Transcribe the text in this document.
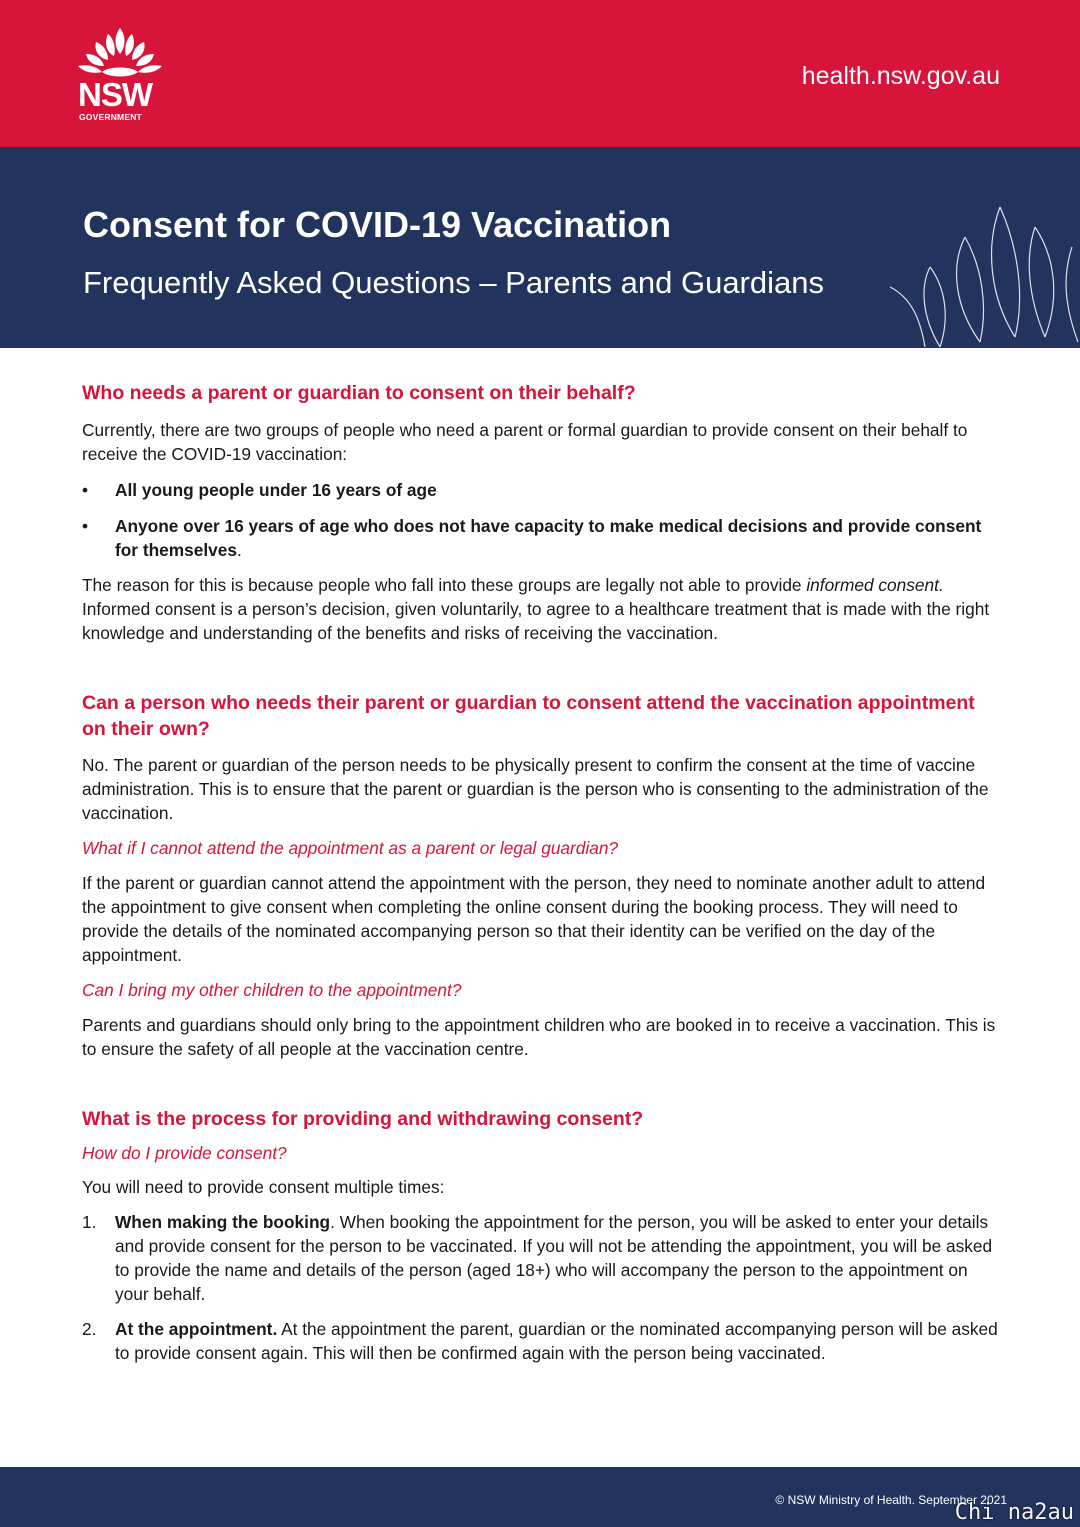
NSW
GOVERNMENT
health.nsw.gov.au
Consent for COVID-19 Vaccination
Frequently Asked Questions – Parents and Guardians
Who needs a parent or guardian to consent on their behalf?

Currently, there are two groups of people who need a parent or formal guardian to provide consent on their behalf to receive the COVID-19 vaccination:

• All young people under 16 years of age
• Anyone over 16 years of age who does not have capacity to make medical decisions and provide consent for themselves.

The reason for this is because people who fall into these groups are legally not able to provide informed consent. Informed consent is a person’s decision, given voluntarily, to agree to a healthcare treatment that is made with the right knowledge and understanding of the benefits and risks of receiving the vaccination.

Can a person who needs their parent or guardian to consent attend the vaccination appointment on their own?

No. The parent or guardian of the person needs to be physically present to confirm the consent at the time of vaccine administration. This is to ensure that the parent or guardian is the person who is consenting to the administration of the vaccination.

What if I cannot attend the appointment as a parent or legal guardian?

If the parent or guardian cannot attend the appointment with the person, they need to nominate another adult to attend the appointment to give consent when completing the online consent during the booking process. They will need to provide the details of the nominated accompanying person so that their identity can be verified on the day of the appointment.

Can I bring my other children to the appointment?

Parents and guardians should only bring to the appointment children who are booked in to receive a vaccination. This is to ensure the safety of all people at the vaccination centre.

What is the process for providing and withdrawing consent?
How do I provide consent?

You will need to provide consent multiple times:

1. When making the booking. When booking the appointment for the person, you will be asked to enter your details and provide consent for the person to be vaccinated. If you will not be attending the appointment, you will be asked to provide the name and details of the person (aged 18+) who will accompany the person to the appointment on your behalf.
2. At the appointment. At the appointment the parent, guardian or the nominated accompanying person will be asked to provide consent again. This will then be confirmed again with the person being vaccinated.
© NSW Ministry of Health. September 2021
Chi na2au
